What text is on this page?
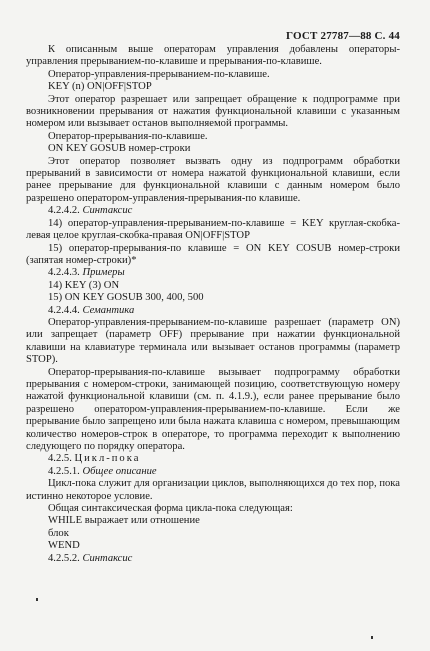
ГОСТ 27787—88 С. 44

К описанным выше операторам управления добавлены операторы-управления прерыванием-по-клавише и прерывания-по-клавише.

Оператор-управления-прерыванием-по-клавише.

KEY (n) ON|OFF|STOP

Этот оператор разрешает или запрещает обращение к подпрограмме при возникновении прерывания от нажатия функциональной клавиши с указанным номером или вызывает останов выполняемой программы.

Оператор-прерывания-по-клавише.

ON KEY GOSUB номер-строки

Этот оператор позволяет вызвать одну из подпрограмм обработки прерываний в зависимости от номера нажатой функциональной клавиши, если ранее прерывание для функциональной клавиши с данным номером было разрешено оператором-управления-прерывания-по клавише.

4.2.4.2. Синтаксис

14) оператор-управления-прерыванием-по-клавише = KEY круглая-скобка-левая целое круглая-скобка-правая ON|OFF|STOP

15) оператор-прерывания-по клавише = ON KEY COSUB номер-строки (запятая номер-строки)*

4.2.4.3. Примеры

14) KEY (3) ON

15) ON KEY GOSUB 300, 400, 500

4.2.4.4. Семантика

Оператор-управления-прерыванием-по-клавише разрешает (параметр ON) или запрещает (параметр OFF) прерывание при нажатии функциональной клавиши на клавиатуре терминала или вызывает останов программы (параметр STOP).

Оператор-прерывания-по-клавише вызывает подпрограмму обработки прерывания с номером-строки, занимающей позицию, соответствующую номеру нажатой функциональной клавиши (см. п. 4.1.9.), если ранее прерывание было разрешено оператором-управления-прерыванием-по-клавише. Если же прерывание было запрещено или была нажата клавиша с номером, превышающим количество номеров-строк в операторе, то программа переходит к выполнению следующего по порядку оператора.

4.2.5. Цикл-пока

4.2.5.1. Общее описание

Цикл-пока служит для организации циклов, выполняющихся до тех пор, пока истинно некоторое условие.

Общая синтаксическая форма цикла-пока следующая:

WHILE выражает или отношение

блок

WEND

4.2.5.2. Синтаксис
